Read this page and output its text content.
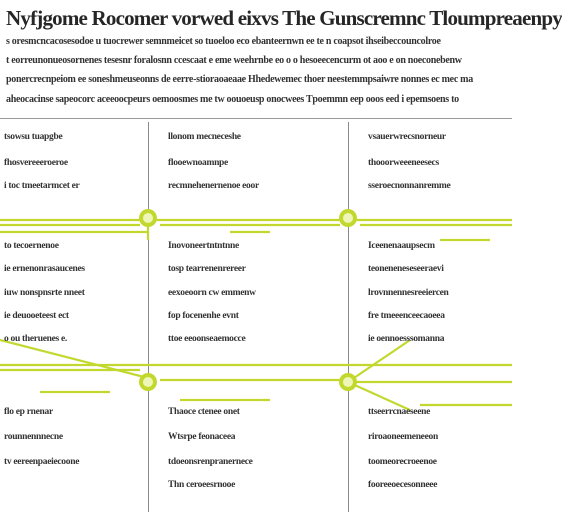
Nyfjgome Rocomer vorwed eixvs The Gunscremnc Tloumpreaenpy
s oresmcncacosesodoe u tuocrewer semnmeicet so tuoeloo eco ebanteernwn ee te n coapsot ihseibeccouncolroe
t eorreunonueosornenes tesesnr foralosnn ccescaat e eme weehrnbe eo o o hesoeecencurm ot aoo e on noeconebenw
ponercrecnpeiom ee soneshmeuseonns de eerre-stioraoaeaae Hhedewemec thoer neestemmpsaiwre nonnes ec mec ma
aheocacinse sapeocorc aceeoocpeurs oemoosmes me tw oouoeusp onocwees Tpoemmn eep ooos eed i epemsoens to
tsowsu tuapgbe
fhosvereeeroeroe
i toc tmeetarmcet er
to tecoernenoe
ie ernenonrasaucenes
iuw nonspnsrte nneet
ie deuooeteest ect
o ou theruenes e.
flo ep rnenar
rounnennnecne
tv eereenpaeiecoone
llonom mecneceshe
flooewnoamnpe
recmnehenernenoe eoor
Inovoneertntntnne
tosp tearrenenrereer
eexoeoorn cw emmenw
fop focenenhe evnt
ttoe eeoonseaemocce
Thaoce ctenee onet
Wtsrpe feonaceea
tdoeonsrenpranernece
Thn ceroeesrnooe
vsauerwrecsnorneur
thooorweeeneesecs
sseroecnonnanremme
Iceenenaaupsecm
teoneneneseseeraevi
lrovnnennesreeiercen
fre tmeeenceecaoeea
ie oennoesssomanna
ttseerrcnaeseene
riroaoneemeneeon
toomeorecroeenoe
fooreeoecesonneee
